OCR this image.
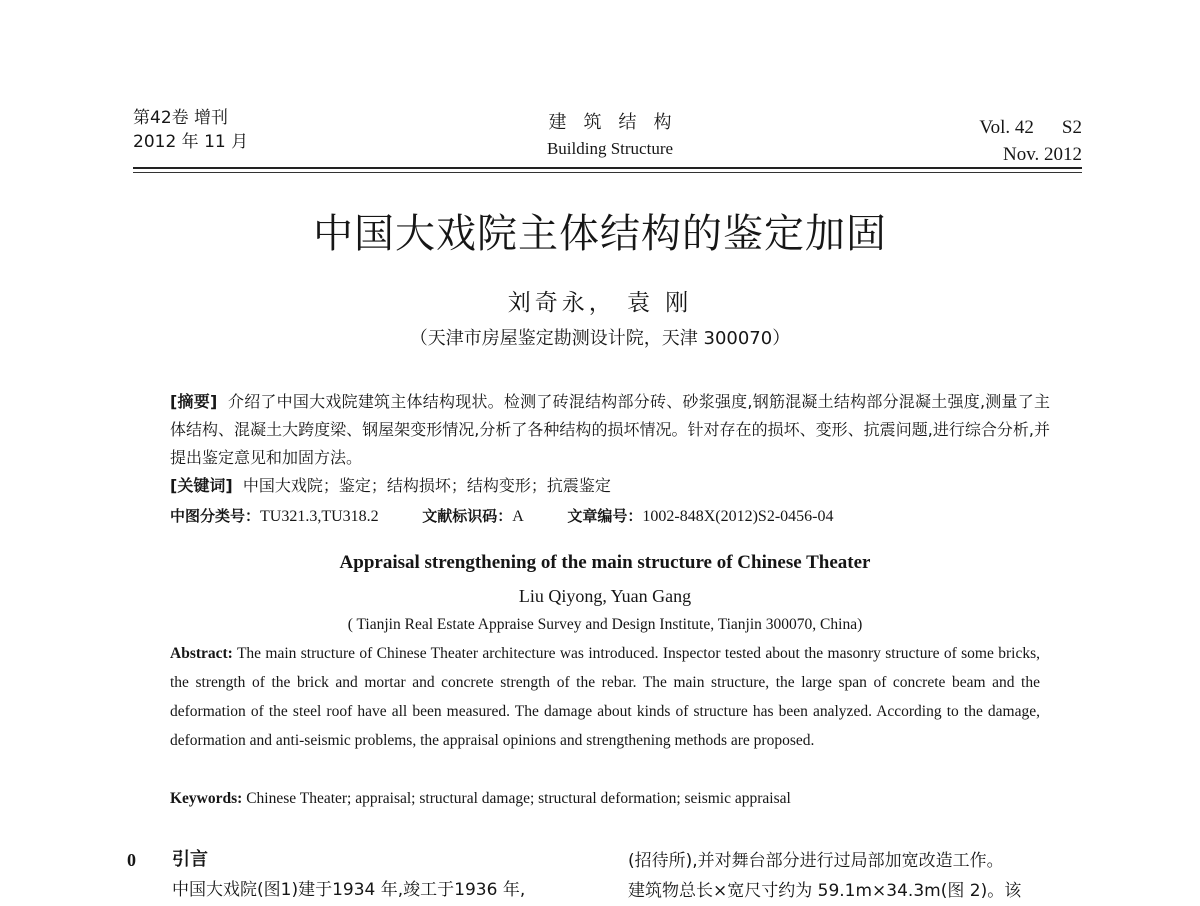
第42卷 增刊
2012 年 11 月
建筑结构
Building Structure
Vol. 42 S2
Nov. 2012
中国大戏院主体结构的鉴定加固
刘奇永， 袁 刚
（天津市房屋鉴定勘测设计院，天津 300070）
[摘要] 介绍了中国大戏院建筑主体结构现状。检测了砖混结构部分砖、砂浆强度,钢筋混凝土结构部分混凝土强度,测量了主体结构、混凝土大跨度梁、钢屋架变形情况,分析了各种结构的损坏情况。针对存在的损坏、变形、抗震问题,进行综合分析,并提出鉴定意见和加固方法。
[关键词] 中国大戏院；鉴定；结构损坏；结构变形；抗震鉴定
中图分类号：TU321.3,TU318.2	文献标识码：A	文章编号：1002-848X(2012)S2-0456-04
Appraisal strengthening of the main structure of Chinese Theater
Liu Qiyong, Yuan Gang
( Tianjin Real Estate Appraise Survey and Design Institute, Tianjin 300070, China)
Abstract: The main structure of Chinese Theater architecture was introduced. Inspector tested about the masonry structure of some bricks, the strength of the brick and mortar and concrete strength of the rebar. The main structure, the large span of concrete beam and the deformation of the steel roof have all been measured. The damage about kinds of structure has been analyzed. According to the damage, deformation and anti-seismic problems, the appraisal opinions and strengthening methods are proposed.
Keywords: Chinese Theater; appraisal; structural damage; structural deformation; seismic appraisal
0 引言
中国大戏院(图1)建于1934 年,竣工于1936 年,
(招待所),并对舞台部分进行过局部加宽改造工作。
建筑物总长×宽尺寸约为 59.1m×34.3m(图 2)。该
